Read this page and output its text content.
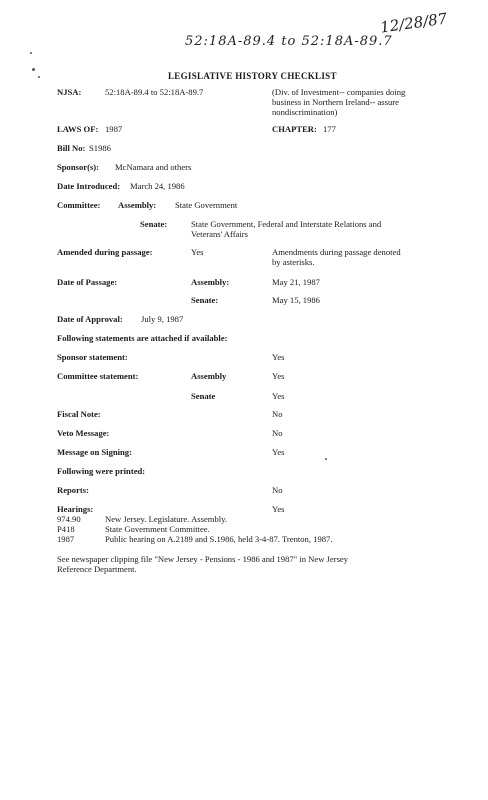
12/28/87
52:18A-89.4 to 52:18A-89.7
LEGISLATIVE HISTORY CHECKLIST
NJSA:	52:18A-89.4 to 52:18A-89.7	(Div. of Investment-- companies doing
business in Northern Ireland-- assure
nondiscrimination)
LAWS OF: 1987	CHAPTER: 177
Bill No: S1986
Sponsor(s): McNamara and others
Date Introduced: March 24, 1986
Committee: Assembly: State Government
Senate:	State Government, Federal and Interstate Relations and
Veterans' Affairs
Amended during passage:	Yes	Amendments during passage denoted
by asterisks.
Date of Passage:	Assembly:	May 21, 1987
Senate:	May 15, 1986
Date of Approval: July 9, 1987
Following statements are attached if available:
Sponsor statement:	Yes
Committee statement:	Assembly	Yes
Senate	Yes
Fiscal Note:	No
Veto Message:	No
Message on Signing:	Yes
Following were printed:
Reports:	No
Hearings:	Yes
974.90	New Jersey. Legislature. Assembly.
P418	State Government Committee.
1987	Public hearing on A.2189 and S.1986, held 3-4-87. Trenton, 1987.
See newspaper clipping file "New Jersey - Pensions - 1986 and 1987" in New Jersey
Reference Department.
